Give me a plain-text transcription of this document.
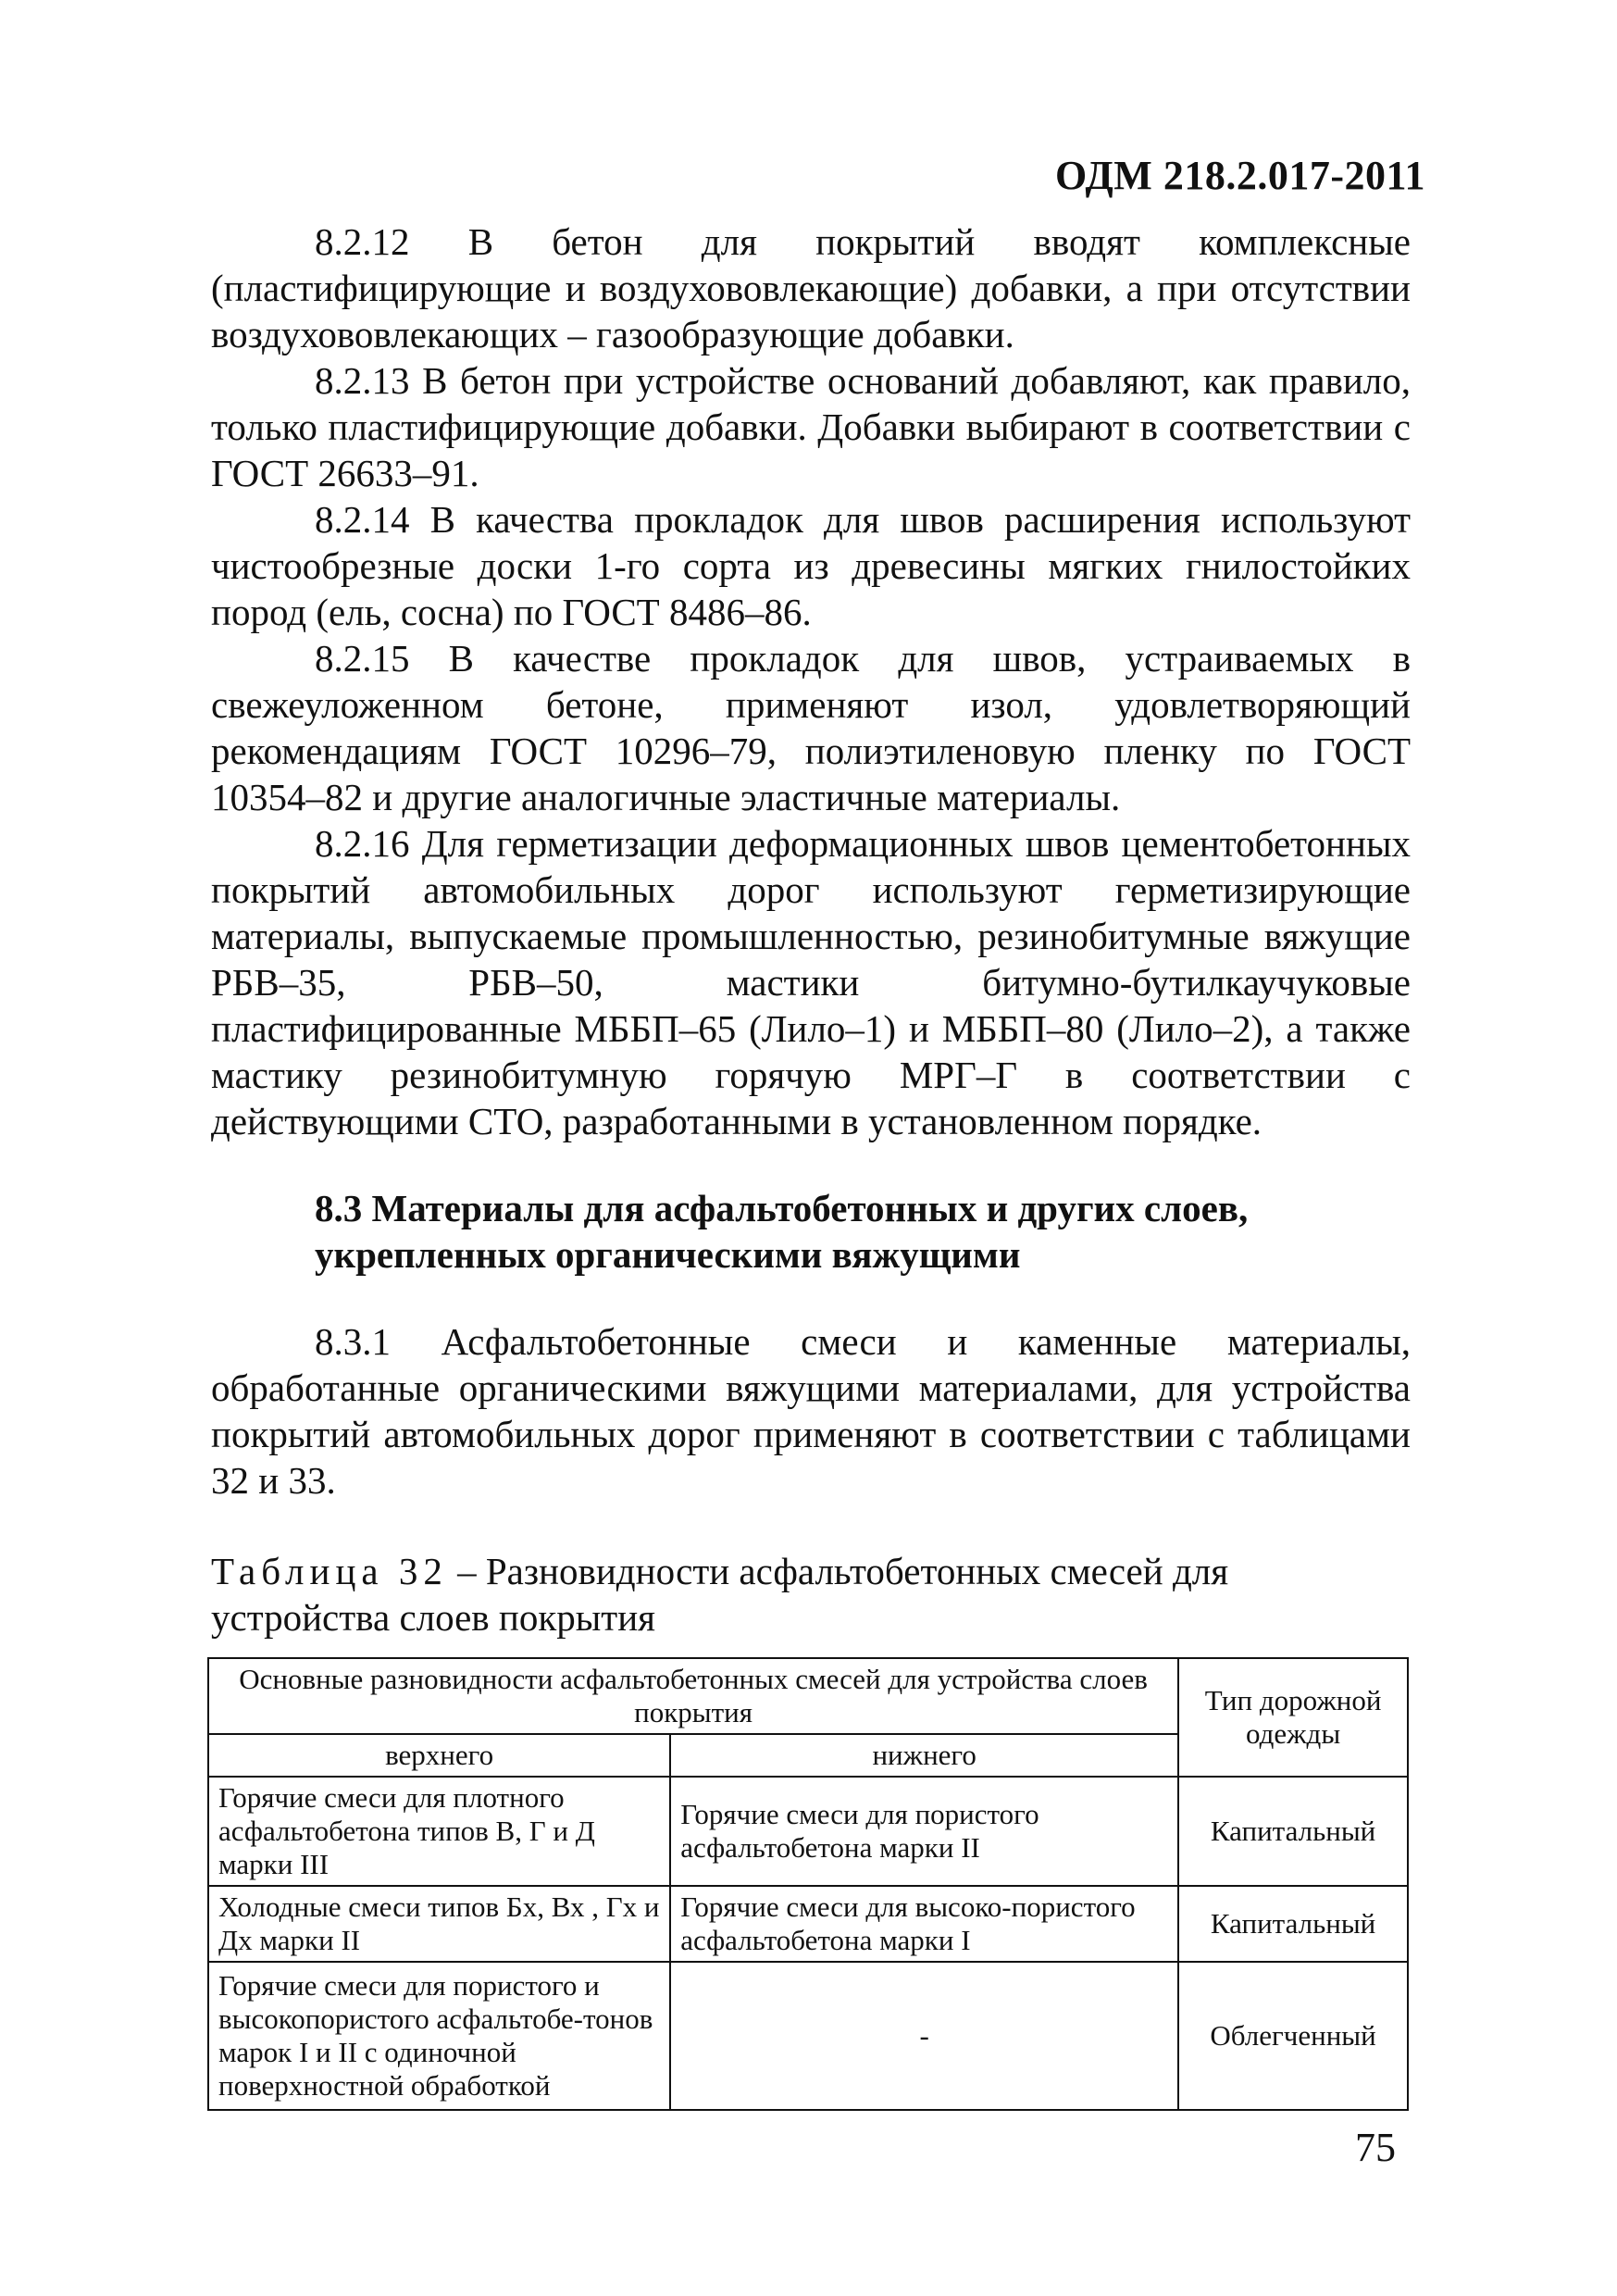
ОДМ 218.2.017-2011

8.2.12 В бетон для покрытий вводят комплексные (пластифицирующие и воздухововлекающие) добавки, а при отсутствии воздухововлекающих – газообразующие добавки.

8.2.13 В бетон при устройстве оснований добавляют, как правило, только пластифицирующие добавки. Добавки выбирают в соответствии с ГОСТ 26633–91.

8.2.14 В качества прокладок для швов расширения используют чистообрезные доски 1-го сорта из древесины мягких гнилостойких пород (ель, сосна) по ГОСТ 8486–86.

8.2.15 В качестве прокладок для швов, устраиваемых в свежеуложенном бетоне, применяют изол, удовлетворяющий рекомендациям ГОСТ 10296–79, полиэтиленовую пленку по ГОСТ 10354–82 и другие аналогичные эластичные материалы.

8.2.16 Для герметизации деформационных швов цементобетонных покрытий автомобильных дорог используют герметизирующие материалы, выпускаемые промышленностью, резинобитумные вяжущие РБВ–35, РБВ–50, мастики битумно-бутилкаучуковые пластифицированные МББП–65 (Лило–1) и МББП–80 (Лило–2), а также мастику резинобитумную горячую МРГ–Г в соответствии с действующими СТО, разработанными в установленном порядке.

8.3 Материалы для асфальтобетонных и других слоев,
укрепленных органическими вяжущими

8.3.1 Асфальтобетонные смеси и каменные материалы, обработанные органическими вяжущими материалами, для устройства покрытий автомобильных дорог применяют в соответствии с таблицами 32 и 33.

Таблица 32 – Разновидности асфальтобетонных смесей для устройства слоев покрытия
Основные разновидности асфальтобетонных смесей для устройства слоев покрытия		Тип дорожной одежды
верхнего	нижнего	
Горячие смеси для плотного асфальтобетона типов В, Г и Д марки III	Горячие смеси для пористого асфальтобетона марки II	Капитальный
Холодные смеси типов Бх, Вх , Гх и Дх марки II	Горячие смеси для высоко-пористого асфальтобетона марки I	Капитальный
Горячие смеси для пористого и высокопористого асфальтобе-тонов марок I и II с одиночной поверхностной обработкой	-	Облегченный
75
